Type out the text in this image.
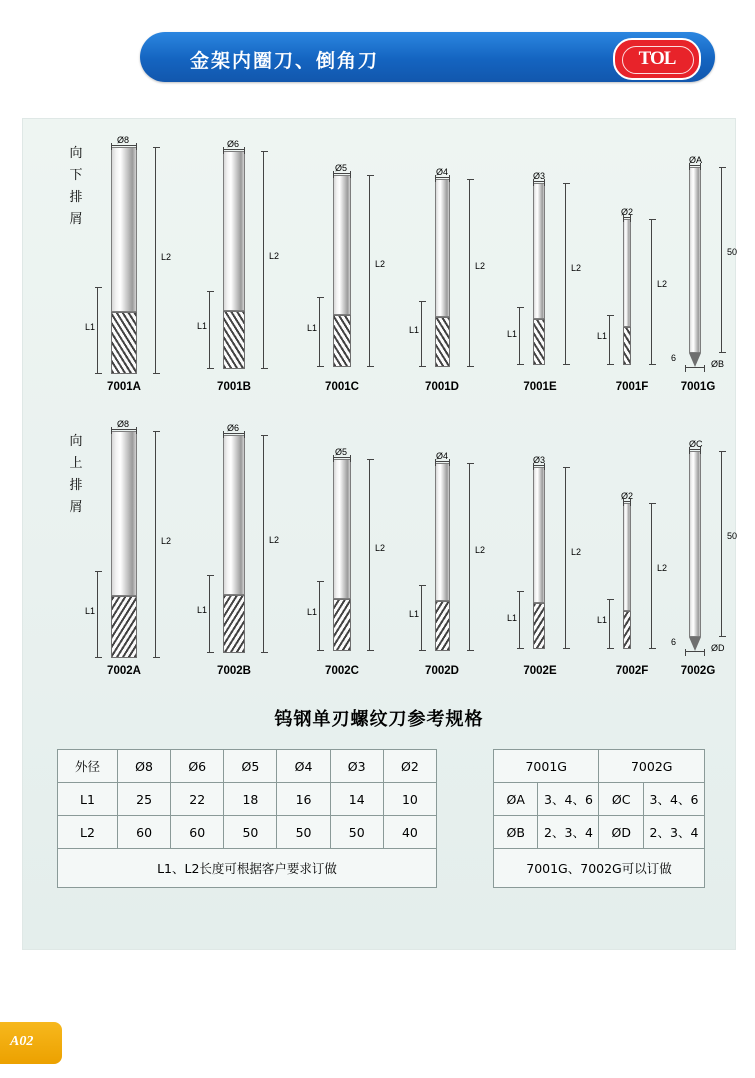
金架内圈刀、倒角刀	TOL
向
下
排
屑
Ø8
L1
L2
7001A
Ø6
L1
L2
7001B
Ø5
L1
L2
7001C
Ø4
L1
L2
7001D
Ø3
L1
L2
7001E
Ø2
L1
L2
7001F
ØA
50
6
ØB
7001G
向
上
排
屑
Ø8
L1
L2
7002A
Ø6
L1
L2
7002B
Ø5
L1
L2
7002C
Ø4
L1
L2
7002D
Ø3
L1
L2
7002E
Ø2
L1
L2
7002F
ØC
50
6
ØD
7002G
钨钢单刃螺纹刀参考规格
外径	Ø8	Ø6	Ø5	Ø4	Ø3	Ø2
L1	25	22	18	16	14	10
L2	60	60	50	50	50	40
L1、L2长度可根据客户要求订做						
7001G		7002G	
ØA	3、4、6	ØC	3、4、6
ØB	2、3、4	ØD	2、3、4
7001G、7002G可以订做			
A02
